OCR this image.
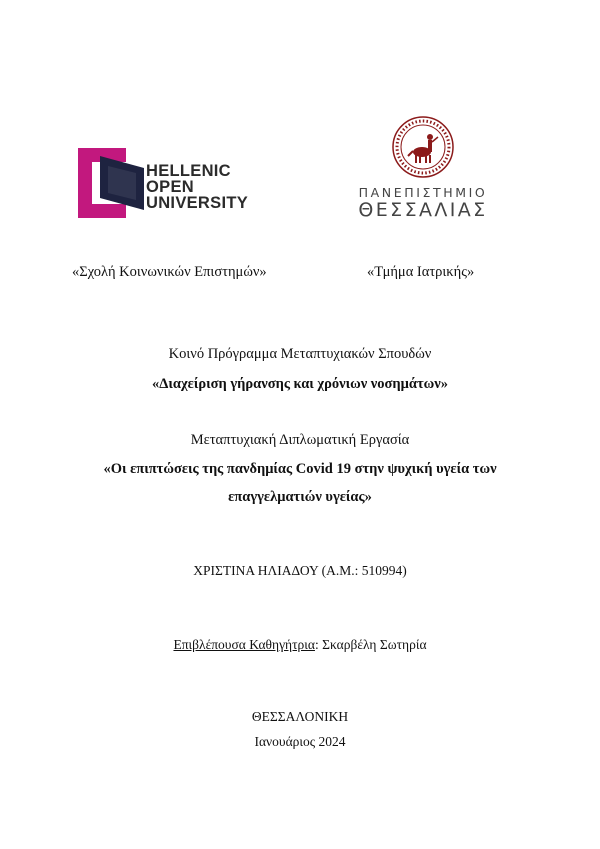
HELLENIC
OPEN
UNIVERSITY
ΠΑΝΕΠΙΣΤΗΜΙΟ
ΘΕΣΣΑΛΙΑΣ
«Σχολή Κοινωνικών Επιστημών»	«Τμήμα Ιατρικής»
Κοινό Πρόγραμμα Μεταπτυχιακών Σπουδών
«Διαχείριση γήρανσης και χρόνιων νοσημάτων»
Μεταπτυχιακή Διπλωματική Εργασία
«Οι επιπτώσεις της πανδημίας Covid 19 στην ψυχική υγεία των
επαγγελματιών υγείας»
ΧΡΙΣΤΙΝΑ ΗΛΙΑΔΟΥ (Α.Μ.: 510994)
Επιβλέπουσα Καθηγήτρια: Σκαρβέλη Σωτηρία
ΘΕΣΣΑΛΟΝΙΚΗ
Ιανουάριος 2024
